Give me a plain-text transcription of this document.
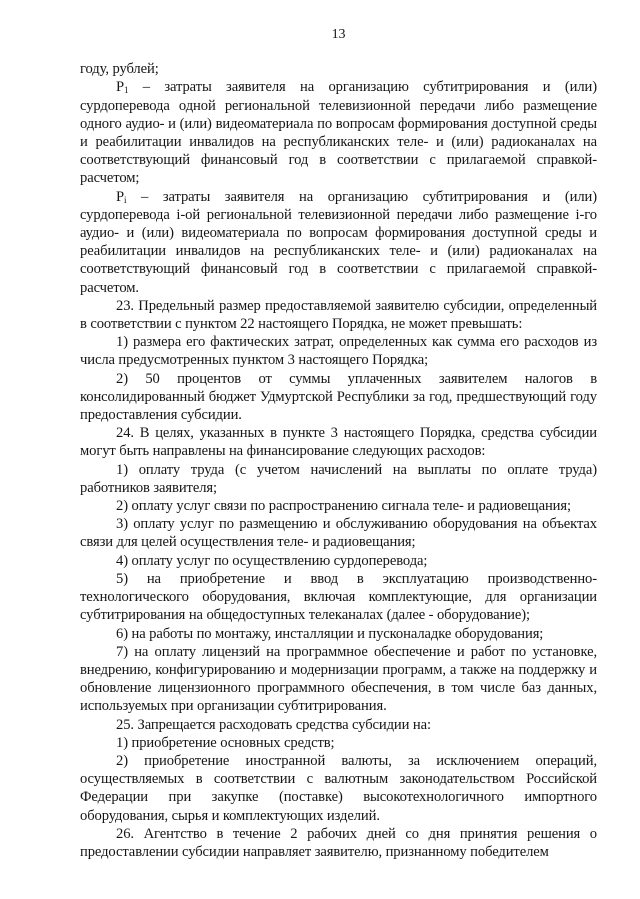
13

году, рублей;

$P_1$ – затраты заявителя на организацию субтитрирования и (или) сурдоперевода одной региональной телевизионной передачи либо размещение одного аудио- и (или) видеоматериала по вопросам формирования доступной среды и реабилитации инвалидов на республиканских теле- и (или) радиоканалах на соответствующий финансовый год в соответствии с прилагаемой справкой-расчетом;

$P_i$ – затраты заявителя на организацию субтитрирования и (или) сурдоперевода i-ой региональной телевизионной передачи либо размещение i-го аудио- и (или) видеоматериала по вопросам формирования доступной среды и реабилитации инвалидов на республиканских теле- и (или) радиоканалах на соответствующий финансовый год в соответствии с прилагаемой справкой-расчетом.

23. Предельный размер предоставляемой заявителю субсидии, определенный в соответствии с пунктом 22 настоящего Порядка, не может превышать:

1) размера его фактических затрат, определенных как сумма его расходов из числа предусмотренных пунктом 3 настоящего Порядка;

2) 50 процентов от суммы уплаченных заявителем налогов в консолидированный бюджет Удмуртской Республики за год, предшествующий году предоставления субсидии.

24. В целях, указанных в пункте 3 настоящего Порядка, средства субсидии могут быть направлены на финансирование следующих расходов:

1) оплату труда (с учетом начислений на выплаты по оплате труда) работников заявителя;

2) оплату услуг связи по распространению сигнала теле- и радиовещания;

3) оплату услуг по размещению и обслуживанию оборудования на объектах связи для целей осуществления теле- и радиовещания;

4) оплату услуг по осуществлению сурдоперевода;

5) на приобретение и ввод в эксплуатацию производственно-технологического оборудования, включая комплектующие, для организации субтитрирования на общедоступных телеканалах (далее - оборудование);

6) на работы по монтажу, инсталляции и пусконаладке оборудования;

7) на оплату лицензий на программное обеспечение и работ по установке, внедрению, конфигурированию и модернизации программ, а также на поддержку и обновление лицензионного программного обеспечения, в том числе баз данных, используемых при организации субтитрирования.

25. Запрещается расходовать средства субсидии на:

1) приобретение основных средств;

2) приобретение иностранной валюты, за исключением операций, осуществляемых в соответствии с валютным законодательством Российской Федерации при закупке (поставке) высокотехнологичного импортного оборудования, сырья и комплектующих изделий.

26. Агентство в течение 2 рабочих дней со дня принятия решения о предоставлении субсидии направляет заявителю, признанному победителем
